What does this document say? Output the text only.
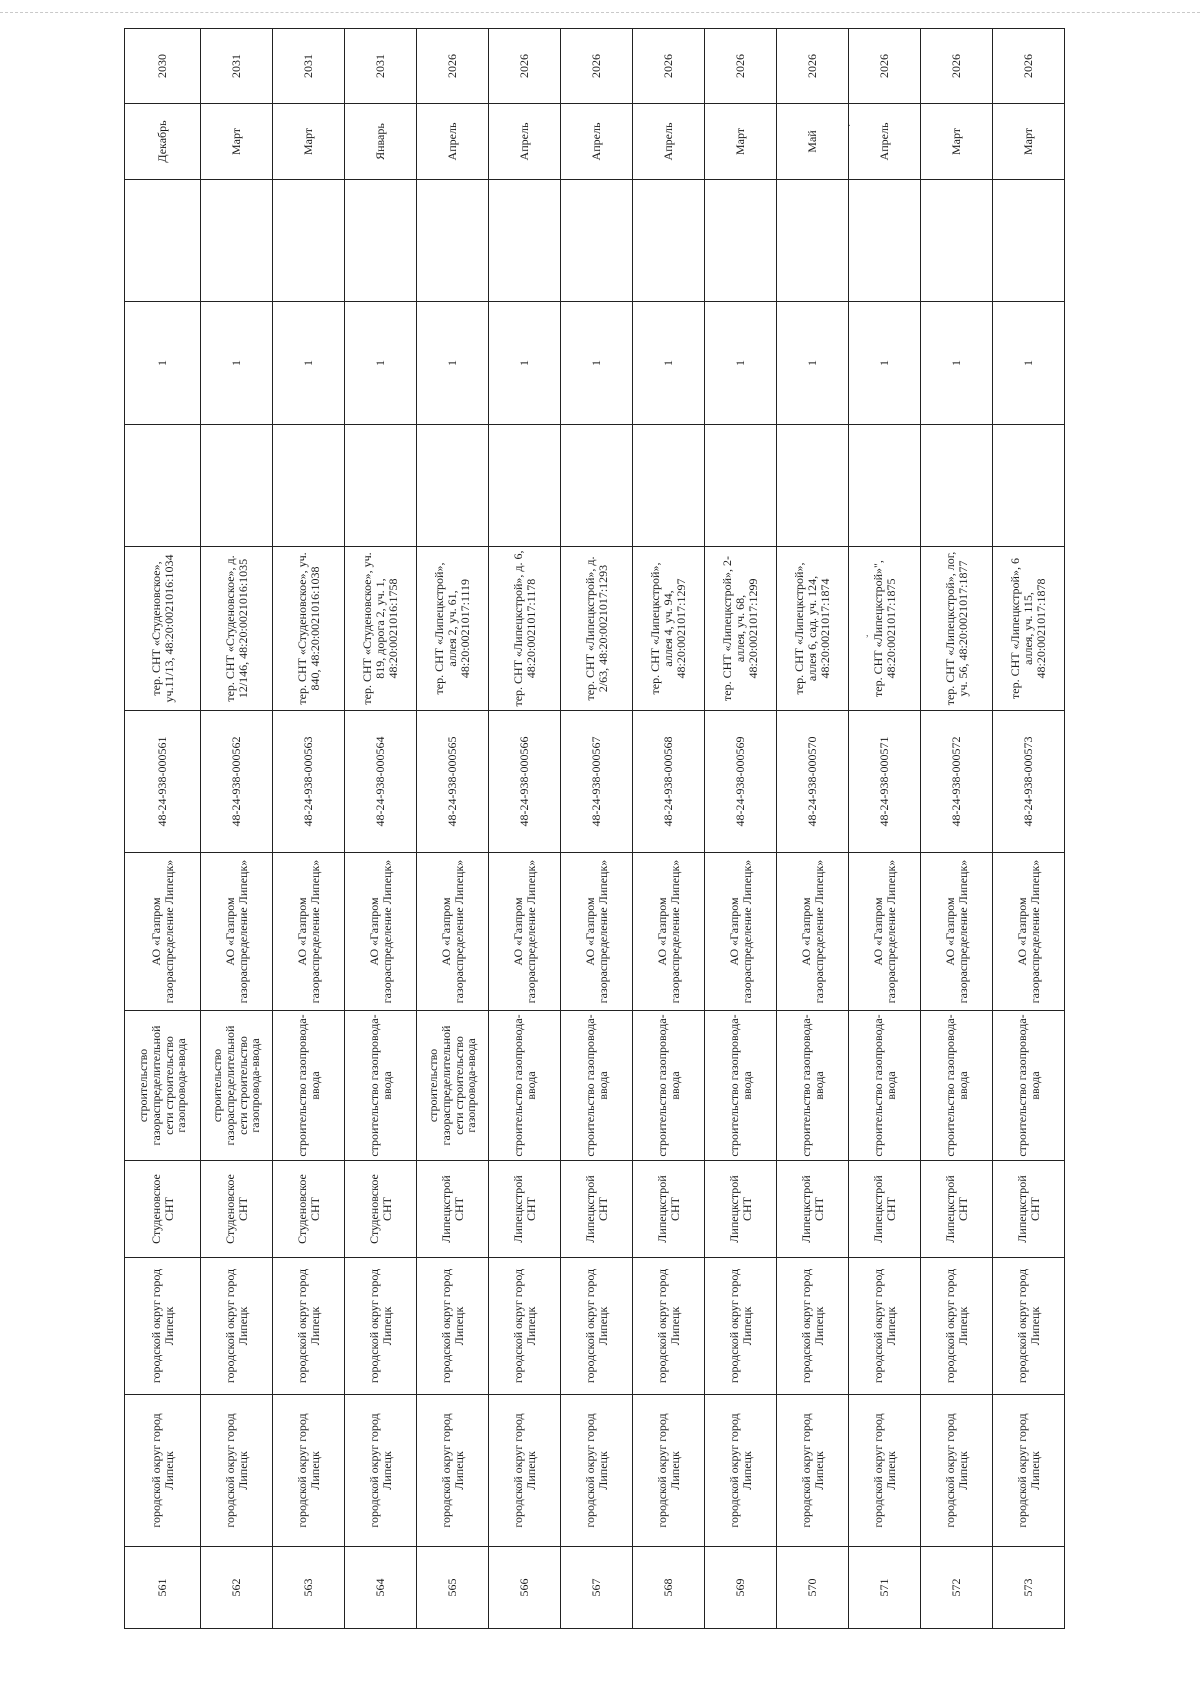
.
,
561	городской округ город Липецк	городской округ город Липецк	Студеновское СНТ	строительство газораспределительной сети строительство газопровода-ввода	АО «Газпром газораспределение Липецк»	48-24-938-000561	тер. СНТ «Студеновское», уч.11/13, 48:20:0021016:1034		1		Декабрь	2030
562	городской округ город Липецк	городской округ город Липецк	Студеновское СНТ	строительство газораспределительной сети строительство газопровода-ввода	АО «Газпром газораспределение Липецк»	48-24-938-000562	тер. СНТ «Студеновское», д. 12/146, 48:20:0021016:1035		1		Март	2031
563	городской округ город Липецк	городской округ город Липецк	Студеновское СНТ	строительство газопровода-ввода	АО «Газпром газораспределение Липецк»	48-24-938-000563	тер. СНТ «Студеновское», уч. 840, 48:20:0021016:1038		1		Март	2031
564	городской округ город Липецк	городской округ город Липецк	Студеновское СНТ	строительство газопровода-ввода	АО «Газпром газораспределение Липецк»	48-24-938-000564	тер. СНТ «Студеновское», уч. 819, дорога 2, уч. 1, 48:20:0021016:1758		1		Январь	2031
565	городской округ город Липецк	городской округ город Липецк	Липецкстрой СНТ	строительство газораспределительной сети строительство газопровода-ввода	АО «Газпром газораспределение Липецк»	48-24-938-000565	тер. СНТ «Липецкстрой», аллея 2, уч. 61, 48:20:0021017:1119		1		Апрель	2026
566	городской округ город Липецк	городской округ город Липецк	Липецкстрой СНТ	строительство газопровода-ввода	АО «Газпром газораспределение Липецк»	48-24-938-000566	тер. СНТ «Липецкстрой», д. 6, 48:20:0021017:1178		1		Апрель	2026
567	городской округ город Липецк	городской округ город Липецк	Липецкстрой СНТ	строительство газопровода-ввода	АО «Газпром газораспределение Липецк»	48-24-938-000567	тер. СНТ «Липецкстрой», д. 2/63, 48:20:0021017:1293		1		Апрель	2026
568	городской округ город Липецк	городской округ город Липецк	Липецкстрой СНТ	строительство газопровода-ввода	АО «Газпром газораспределение Липецк»	48-24-938-000568	тер. СНТ «Липецкстрой», аллея 4, уч. 94, 48:20:0021017:1297		1		Апрель	2026
569	городской округ город Липецк	городской округ город Липецк	Липецкстрой СНТ	строительство газопровода-ввода	АО «Газпром газораспределение Липецк»	48-24-938-000569	тер. СНТ «Липецкстрой», 2-аллея, уч. 68, 48:20:0021017:1299		1		Март	2026
570	городской округ город Липецк	городской округ город Липецк	Липецкстрой СНТ	строительство газопровода-ввода	АО «Газпром газораспределение Липецк»	48-24-938-000570	тер. СНТ «Липецкстрой», аллея 6, сад. уч. 124, 48:20:0021017:1874		1		Май	2026
571	городской округ город Липецк	городской округ город Липецк	Липецкстрой СНТ	строительство газопровода-ввода	АО «Газпром газораспределение Липецк»	48-24-938-000571	тер. СНТ «Липецкстрой»", 48:20:0021017:1875		1		Апрель	2026
572	городской округ город Липецк	городской округ город Липецк	Липецкстрой СНТ	строительство газопровода-ввода	АО «Газпром газораспределение Липецк»	48-24-938-000572	тер. СНТ «Липецкстрой», лог, уч. 56, 48:20:0021017:1877		1		Март	2026
573	городской округ город Липецк	городской округ город Липецк	Липецкстрой СНТ	строительство газопровода-ввода	АО «Газпром газораспределение Липецк»	48-24-938-000573	тер. СНТ «Липецкстрой», 6 аллея, уч. 115, 48:20:0021017:1878		1		Март	2026
